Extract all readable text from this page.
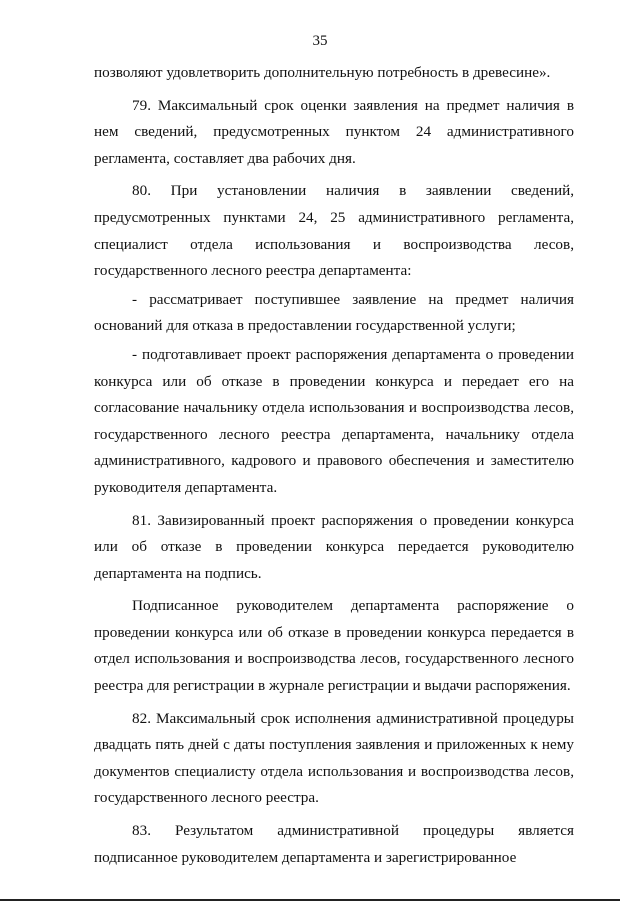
35

позволяют удовлетворить дополнительную потребность в древесине».

79. Максимальный срок оценки заявления на предмет наличия в нем сведений, предусмотренных пунктом 24 административного регламента, составляет два рабочих дня.

80. При установлении наличия в заявлении сведений, предусмотренных пунктами 24, 25 административного регламента, специалист отдела использования и воспроизводства лесов, государственного лесного реестра департамента:

- рассматривает поступившее заявление на предмет наличия оснований для отказа в предоставлении государственной услуги;

- подготавливает проект распоряжения департамента о проведении конкурса или об отказе в проведении конкурса и передает его на согласование начальнику отдела использования и воспроизводства лесов, государственного лесного реестра департамента, начальнику отдела административного, кадрового и правового обеспечения и заместителю руководителя департамента.

81. Завизированный проект распоряжения о проведении конкурса или об отказе в проведении конкурса передается руководителю департамента на подпись.

Подписанное руководителем департамента распоряжение о проведении конкурса или об отказе в проведении конкурса передается в отдел использования и воспроизводства лесов, государственного лесного реестра для регистрации в журнале регистрации и выдачи распоряжения.

82. Максимальный срок исполнения административной процедуры двадцать пять дней с даты поступления заявления и приложенных к нему документов специалисту отдела использования и воспроизводства лесов, государственного лесного реестра.

83. Результатом административной процедуры является подписанное руководителем департамента и зарегистрированное
